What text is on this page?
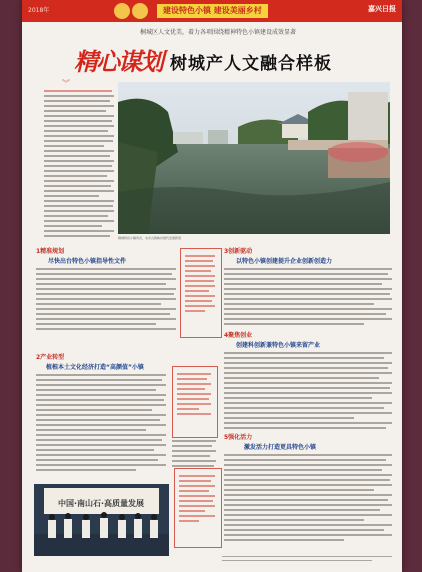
2018年	建设特色小镇 建设美丽乡村	嘉兴日报
桐城区人文优美，着力各项围绕精神特色小镇建设成效显著
精心谋划 树城产人文融合样板
︾
桐城特色小镇风光，水乡古韵映衬现代发展新貌
1精准规划
尽快出台特色小镇指导性文件
2产业转型
植根本土文化经济打造“高颜值”小镇
中国·南山石·高质量发展
3创新驱动
以特色小镇创建提升企业创新创造力
4聚焦创业
创建科创新兼特色小镇来留产业
5强化活力
激发活力打造更具特色小镇
